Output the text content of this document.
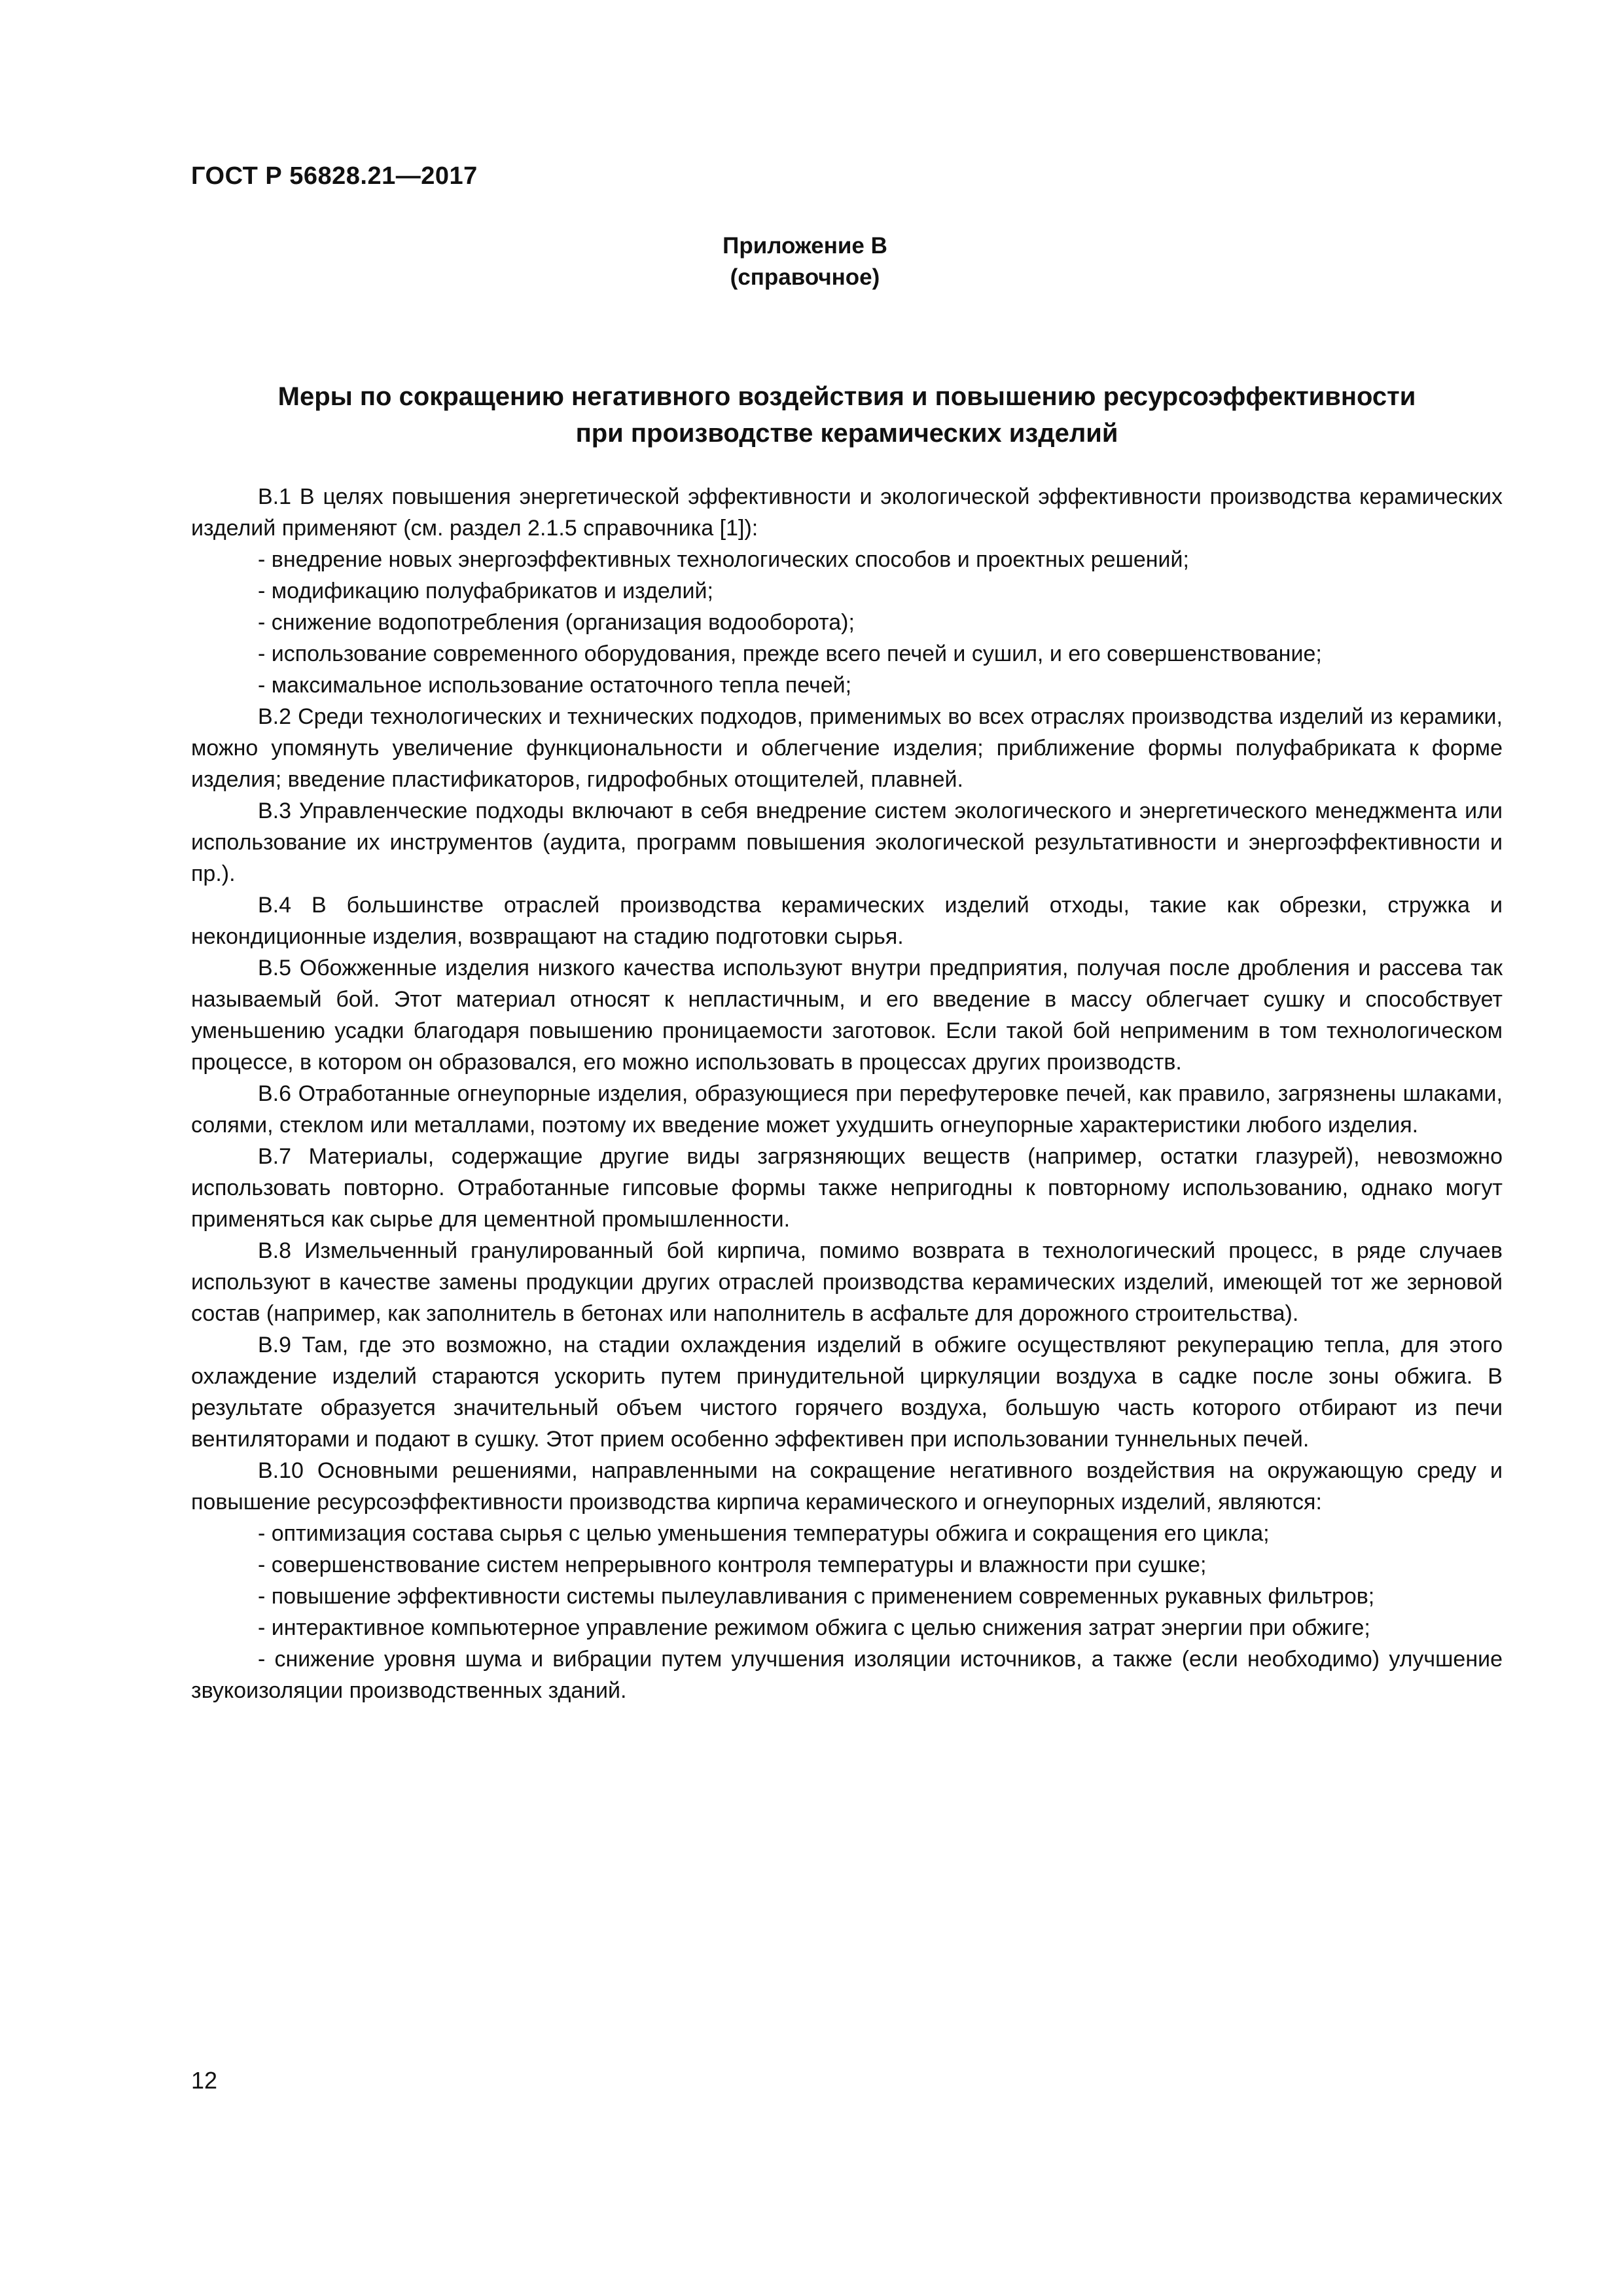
ГОСТ Р 56828.21—2017
Приложение В
(справочное)
Меры по сокращению негативного воздействия и повышению ресурсоэффективности
при производстве керамических изделий

В.1 В целях повышения энергетической эффективности и экологической эффективности производства керамических изделий применяют (см. раздел 2.1.5 справочника [1]):

- внедрение новых энергоэффективных технологических способов и проектных решений;

- модификацию полуфабрикатов и изделий;

- снижение водопотребления (организация водооборота);

- использование современного оборудования, прежде всего печей и сушил, и его совершенствование;

- максимальное использование остаточного тепла печей;

В.2 Среди технологических и технических подходов, применимых во всех отраслях производства изделий из керамики, можно упомянуть увеличение функциональности и облегчение изделия; приближение формы полуфабриката к форме изделия; введение пластификаторов, гидрофобных отощителей, плавней.

В.3 Управленческие подходы включают в себя внедрение систем экологического и энергетического менеджмента или использование их инструментов (аудита, программ повышения экологической результативности и энергоэффективности и пр.).

В.4 В большинстве отраслей производства керамических изделий отходы, такие как обрезки, стружка и некондиционные изделия, возвращают на стадию подготовки сырья.

В.5 Обожженные изделия низкого качества используют внутри предприятия, получая после дробления и рассева так называемый бой. Этот материал относят к непластичным, и его введение в массу облегчает сушку и способствует уменьшению усадки благодаря повышению проницаемости заготовок. Если такой бой неприменим в том технологическом процессе, в котором он образовался, его можно использовать в процессах других производств.

В.6 Отработанные огнеупорные изделия, образующиеся при перефутеровке печей, как правило, загрязнены шлаками, солями, стеклом или металлами, поэтому их введение может ухудшить огнеупорные характеристики любого изделия.

В.7 Материалы, содержащие другие виды загрязняющих веществ (например, остатки глазурей), невозможно использовать повторно. Отработанные гипсовые формы также непригодны к повторному использованию, однако могут применяться как сырье для цементной промышленности.

В.8 Измельченный гранулированный бой кирпича, помимо возврата в технологический процесс, в ряде случаев используют в качестве замены продукции других отраслей производства керамических изделий, имеющей тот же зерновой состав (например, как заполнитель в бетонах или наполнитель в асфальте для дорожного строительства).

В.9 Там, где это возможно, на стадии охлаждения изделий в обжиге осуществляют рекуперацию тепла, для этого охлаждение изделий стараются ускорить путем принудительной циркуляции воздуха в садке после зоны обжига. В результате образуется значительный объем чистого горячего воздуха, большую часть которого отбирают из печи вентиляторами и подают в сушку. Этот прием особенно эффективен при использовании туннельных печей.

В.10 Основными решениями, направленными на сокращение негативного воздействия на окружающую среду и повышение ресурсоэффективности производства кирпича керамического и огнеупорных изделий, являются:

- оптимизация состава сырья с целью уменьшения температуры обжига и сокращения его цикла;

- совершенствование систем непрерывного контроля температуры и влажности при сушке;

- повышение эффективности системы пылеулавливания с применением современных рукавных фильтров;

- интерактивное компьютерное управление режимом обжига с целью снижения затрат энергии при обжиге;

- снижение уровня шума и вибрации путем улучшения изоляции источников, а также (если необходимо) улучшение звукоизоляции производственных зданий.

12
